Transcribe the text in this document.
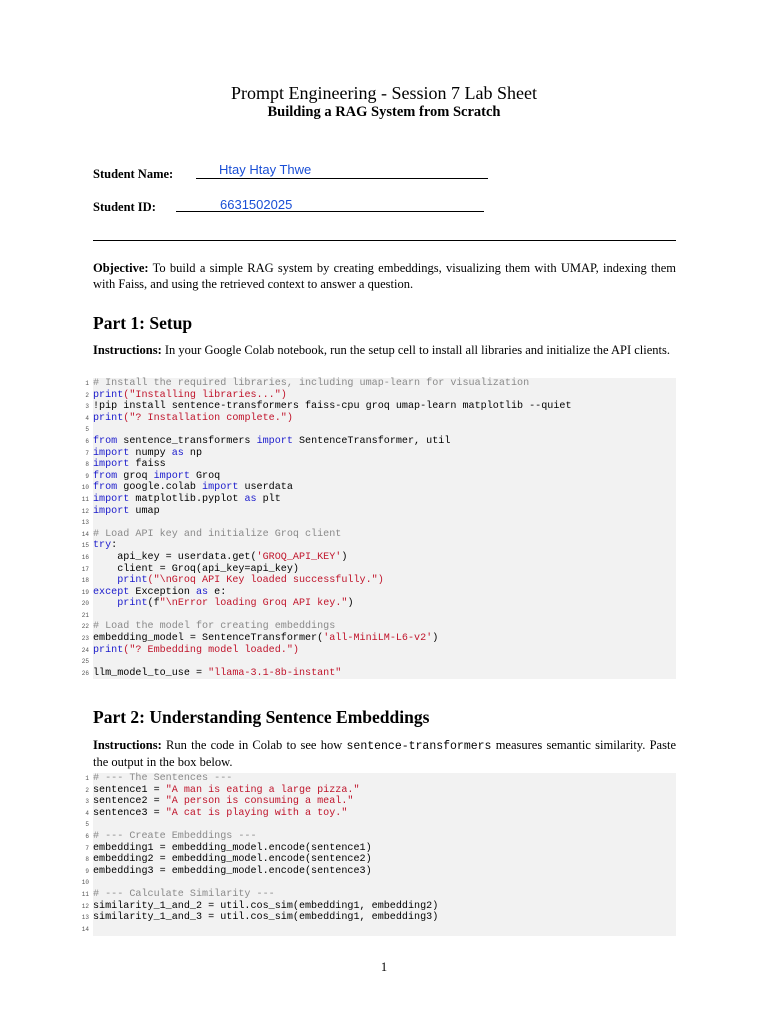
Prompt Engineering - Session 7 Lab Sheet
Building a RAG System from Scratch
Student Name:	Htay Htay Thwe
Student ID:	6631502025
Objective: To build a simple RAG system by creating embeddings, visualizing them with UMAP, indexing them with Faiss, and using the retrieved context to answer a question.
Part 1: Setup
Instructions: In your Google Colab notebook, run the setup cell to install all libraries and initialize the API clients.
1 # Install the required libraries, including umap-learn for visualization
2 print("Installing libraries...")
3 !pip install sentence-transformers faiss-cpu groq umap-learn matplotlib --quiet
4 print("? Installation complete.")
5
6 from sentence_transformers import SentenceTransformer, util
7 import numpy as np
8 import faiss
9 from groq import Groq
10 from google.colab import userdata
11 import matplotlib.pyplot as plt
12 import umap
13
14 # Load API key and initialize Groq client
15 try:
16 api_key = userdata.get('GROQ_API_KEY')
17 client = Groq(api_key=api_key)
18	print("\nGroq API Key loaded successfully.")
19 except Exception as e:
20	print(f"\nError loading Groq API key.")
21
22 # Load the model for creating embeddings
23 embedding_model = SentenceTransformer('all-MiniLM-L6-v2')
24 print("? Embedding model loaded.")
25
26 llm_model_to_use = "llama-3.1-8b-instant"
Part 2: Understanding Sentence Embeddings
Instructions: Run the code in Colab to see how sentence-transformers measures semantic similarity. Paste the output in the box below.
1 # --- The Sentences ---
2 sentence1 = "A man is eating a large pizza."
3 sentence2 = "A person is consuming a meal."
4 sentence3 = "A cat is playing with a toy."
5
6 # --- Create Embeddings ---
7 embedding1 = embedding_model.encode(sentence1)
8 embedding2 = embedding_model.encode(sentence2)
9 embedding3 = embedding_model.encode(sentence3)
10
11 # --- Calculate Similarity ---
12 similarity_1_and_2 = util.cos_sim(embedding1, embedding2)
13 similarity_1_and_3 = util.cos_sim(embedding1, embedding3)
14
1
